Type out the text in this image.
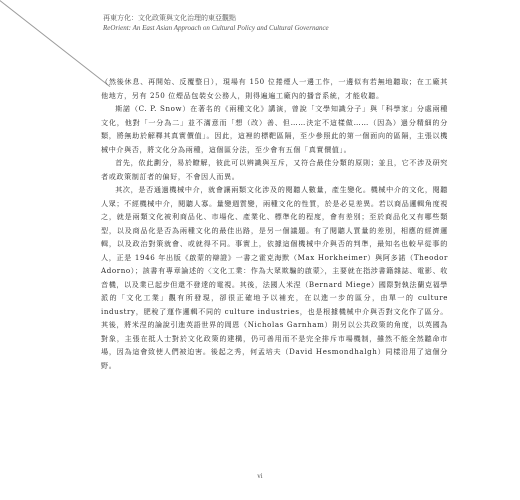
再東方化：文化政策與文化治理的東亞觀點
ReOrient: An East Asian Approach on Cultural Policy and Cultural Governance

（然後休息、再開始、反覆整日），現場有 150 位捲煙人一邊工作，一邊似有若無地聽取；在工廠其他地方，另有 250 位煙品包裝女公務人，則得遍遍工廠內的播音系統，才能收聽。

斯諾（C. P. Snow）在著名的《兩種文化》講演，曾說「文學知識分子」與「科學家」分處兩種文化，他對「一分為二」並不滿意而「想（改）善、但……決定不這樣做……（因為）過分精細的分類，將無助於解釋其真實價值」。因此，這裡的標靶區隔，至少參照此的第一個面向的區隔，主張以機械中介與否，將文化分為兩種，這個區分法，至少會有五個「真實價值」。

首先，依此劃分，易於瞭解，彼此可以辨識與互斥，又符合最佳分類的原則；並且，它不涉及研究者或政策制訂者的偏好，不會因人而異。

其次，是否通過機械中介，就會讓兩類文化涉及的閱聽人數量，產生變化。機械中介的文化，閱聽人眾；不經機械中介，閱聽人寡。量變週質變，兩種文化的性質，於是必見差異。若以商品邏輯角度視之，就是兩類文化被利商品化、市場化、產業化、標準化的程度，會有差別；至於商品化又有哪些類型，以及商品化是否為兩種文化的最佳出路，是另一個議題。有了閱聽人質量的差別，相應的經濟邏輯，以及政治對策就會、或就得不同。事實上，依據這個機械中介與否的判準，最知名也較早從事的人，正是 1946 年出版《啟蒙的辯證》一書之霍克海默（Max Horkheimer）與阿多諾（Theodor Adorno）；該書有專章論述的〈文化工業：作為大眾欺騙的啟蒙〉，主要就在指涉書籍雜誌、電影、收音機，以及業已起步但還不發達的電視。其後，法國人米涅（Bernard Miege）國際對執法蘭克福學派的「文化工業」觀有所發現，卻很正確地予以補充，在以進一步的區分，由單一的 culture industry，肥稅了運作邏輯不同的 culture industries，也是根據機械中介與否對文化作了區分。其後，將米涅的論說引進英語世界的岡恩（Nicholas Garnham）則另以公共政策的角度，以英國為對象，主張在抵人士對於文化政策的建構，仍可善用而不是完全排斥市場機制，雖然不能全然聽命市場，因為這會致使人們被迫害。後起之秀，何孟培夫（David Hesmondhalgh）同樣沿用了這個分野。

vi
